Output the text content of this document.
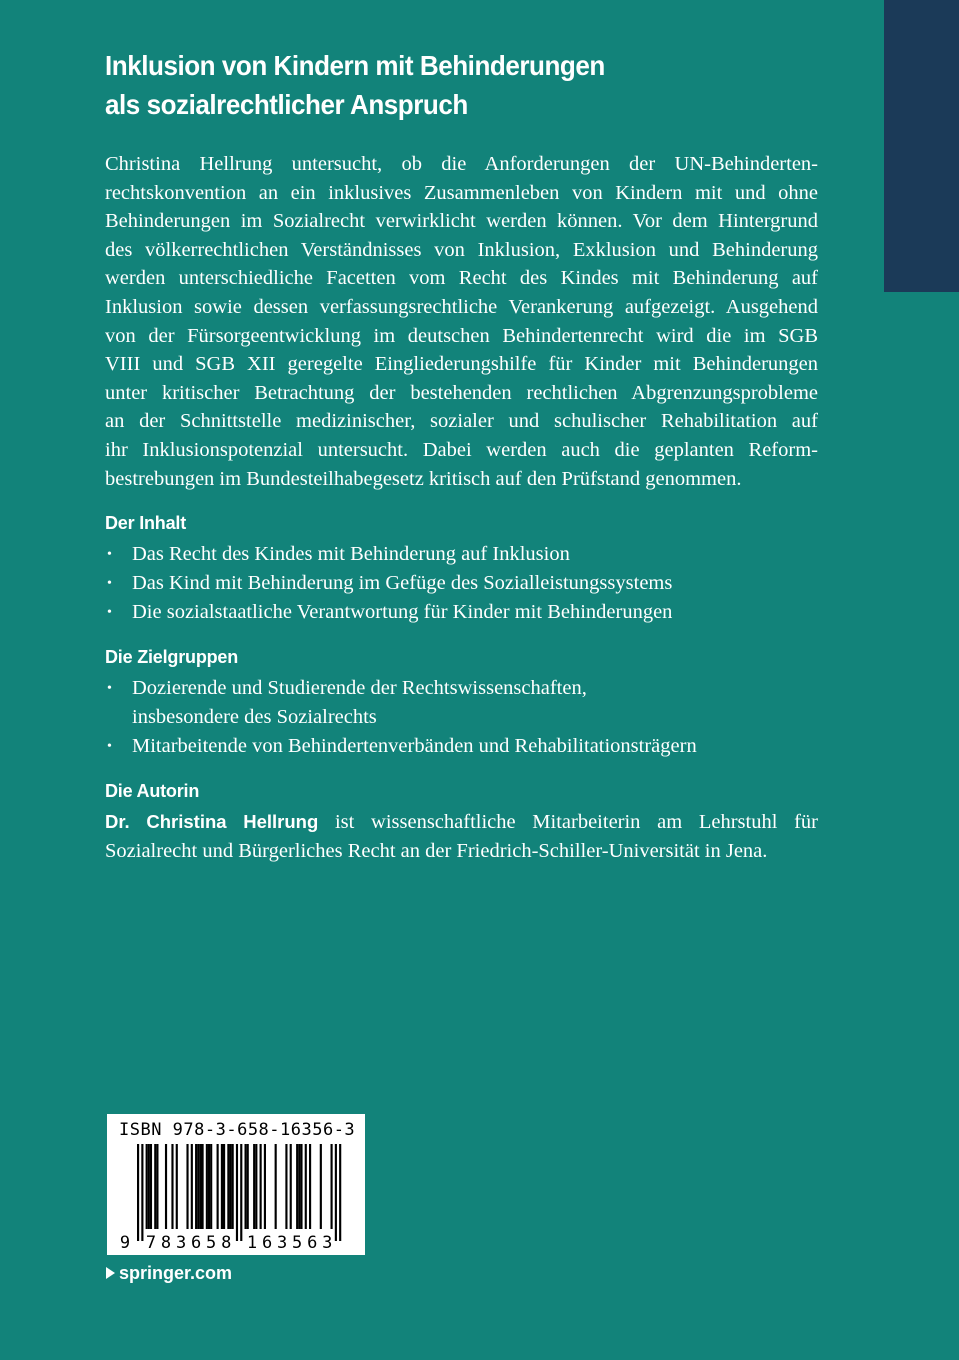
Inklusion von Kindern mit Behinderungen
als sozialrechtlicher Anspruch
Christina Hellrung untersucht, ob die Anforderungen der UN-Behinderten-
rechtskonvention an ein inklusives Zusammenleben von Kindern mit und ohne
Behinderungen im Sozialrecht verwirklicht werden können. Vor dem Hintergrund
des völkerrechtlichen Verständnisses von Inklusion, Exklusion und Behinderung
werden unterschiedliche Facetten vom Recht des Kindes mit Behinderung auf
Inklusion sowie dessen verfassungsrechtliche Verankerung aufgezeigt. Ausgehend
von der Fürsorgeentwicklung im deutschen Behindertenrecht wird die im SGB
VIII und SGB XII geregelte Eingliederungshilfe für Kinder mit Behinderungen
unter kritischer Betrachtung der bestehenden rechtlichen Abgrenzungsprobleme
an der Schnittstelle medizinischer, sozialer und schulischer Rehabilitation auf
ihr Inklusionspotenzial untersucht. Dabei werden auch die geplanten Reform-
bestrebungen im Bundesteilhabegesetz kritisch auf den Prüfstand genommen.
Der Inhalt
• Das Recht des Kindes mit Behinderung auf Inklusion
• Das Kind mit Behinderung im Gefüge des Sozialleistungssystems
• Die sozialstaatliche Verantwortung für Kinder mit Behinderungen
Die Zielgruppen
• Dozierende und Studierende der Rechtswissenschaften,
insbesondere des Sozialrechts
• Mitarbeitende von Behindertenverbänden und Rehabilitationsträgern
Die Autorin
Dr. Christina Hellrung ist wissenschaftliche Mitarbeiterin am Lehrstuhl für
Sozialrecht und Bürgerliches Recht an der Friedrich-Schiller-Universität in Jena.
ISBN 978-3-658-16356-3
9 7 8 3 6 5 8 1 6 3 5 6 3
springer.com
